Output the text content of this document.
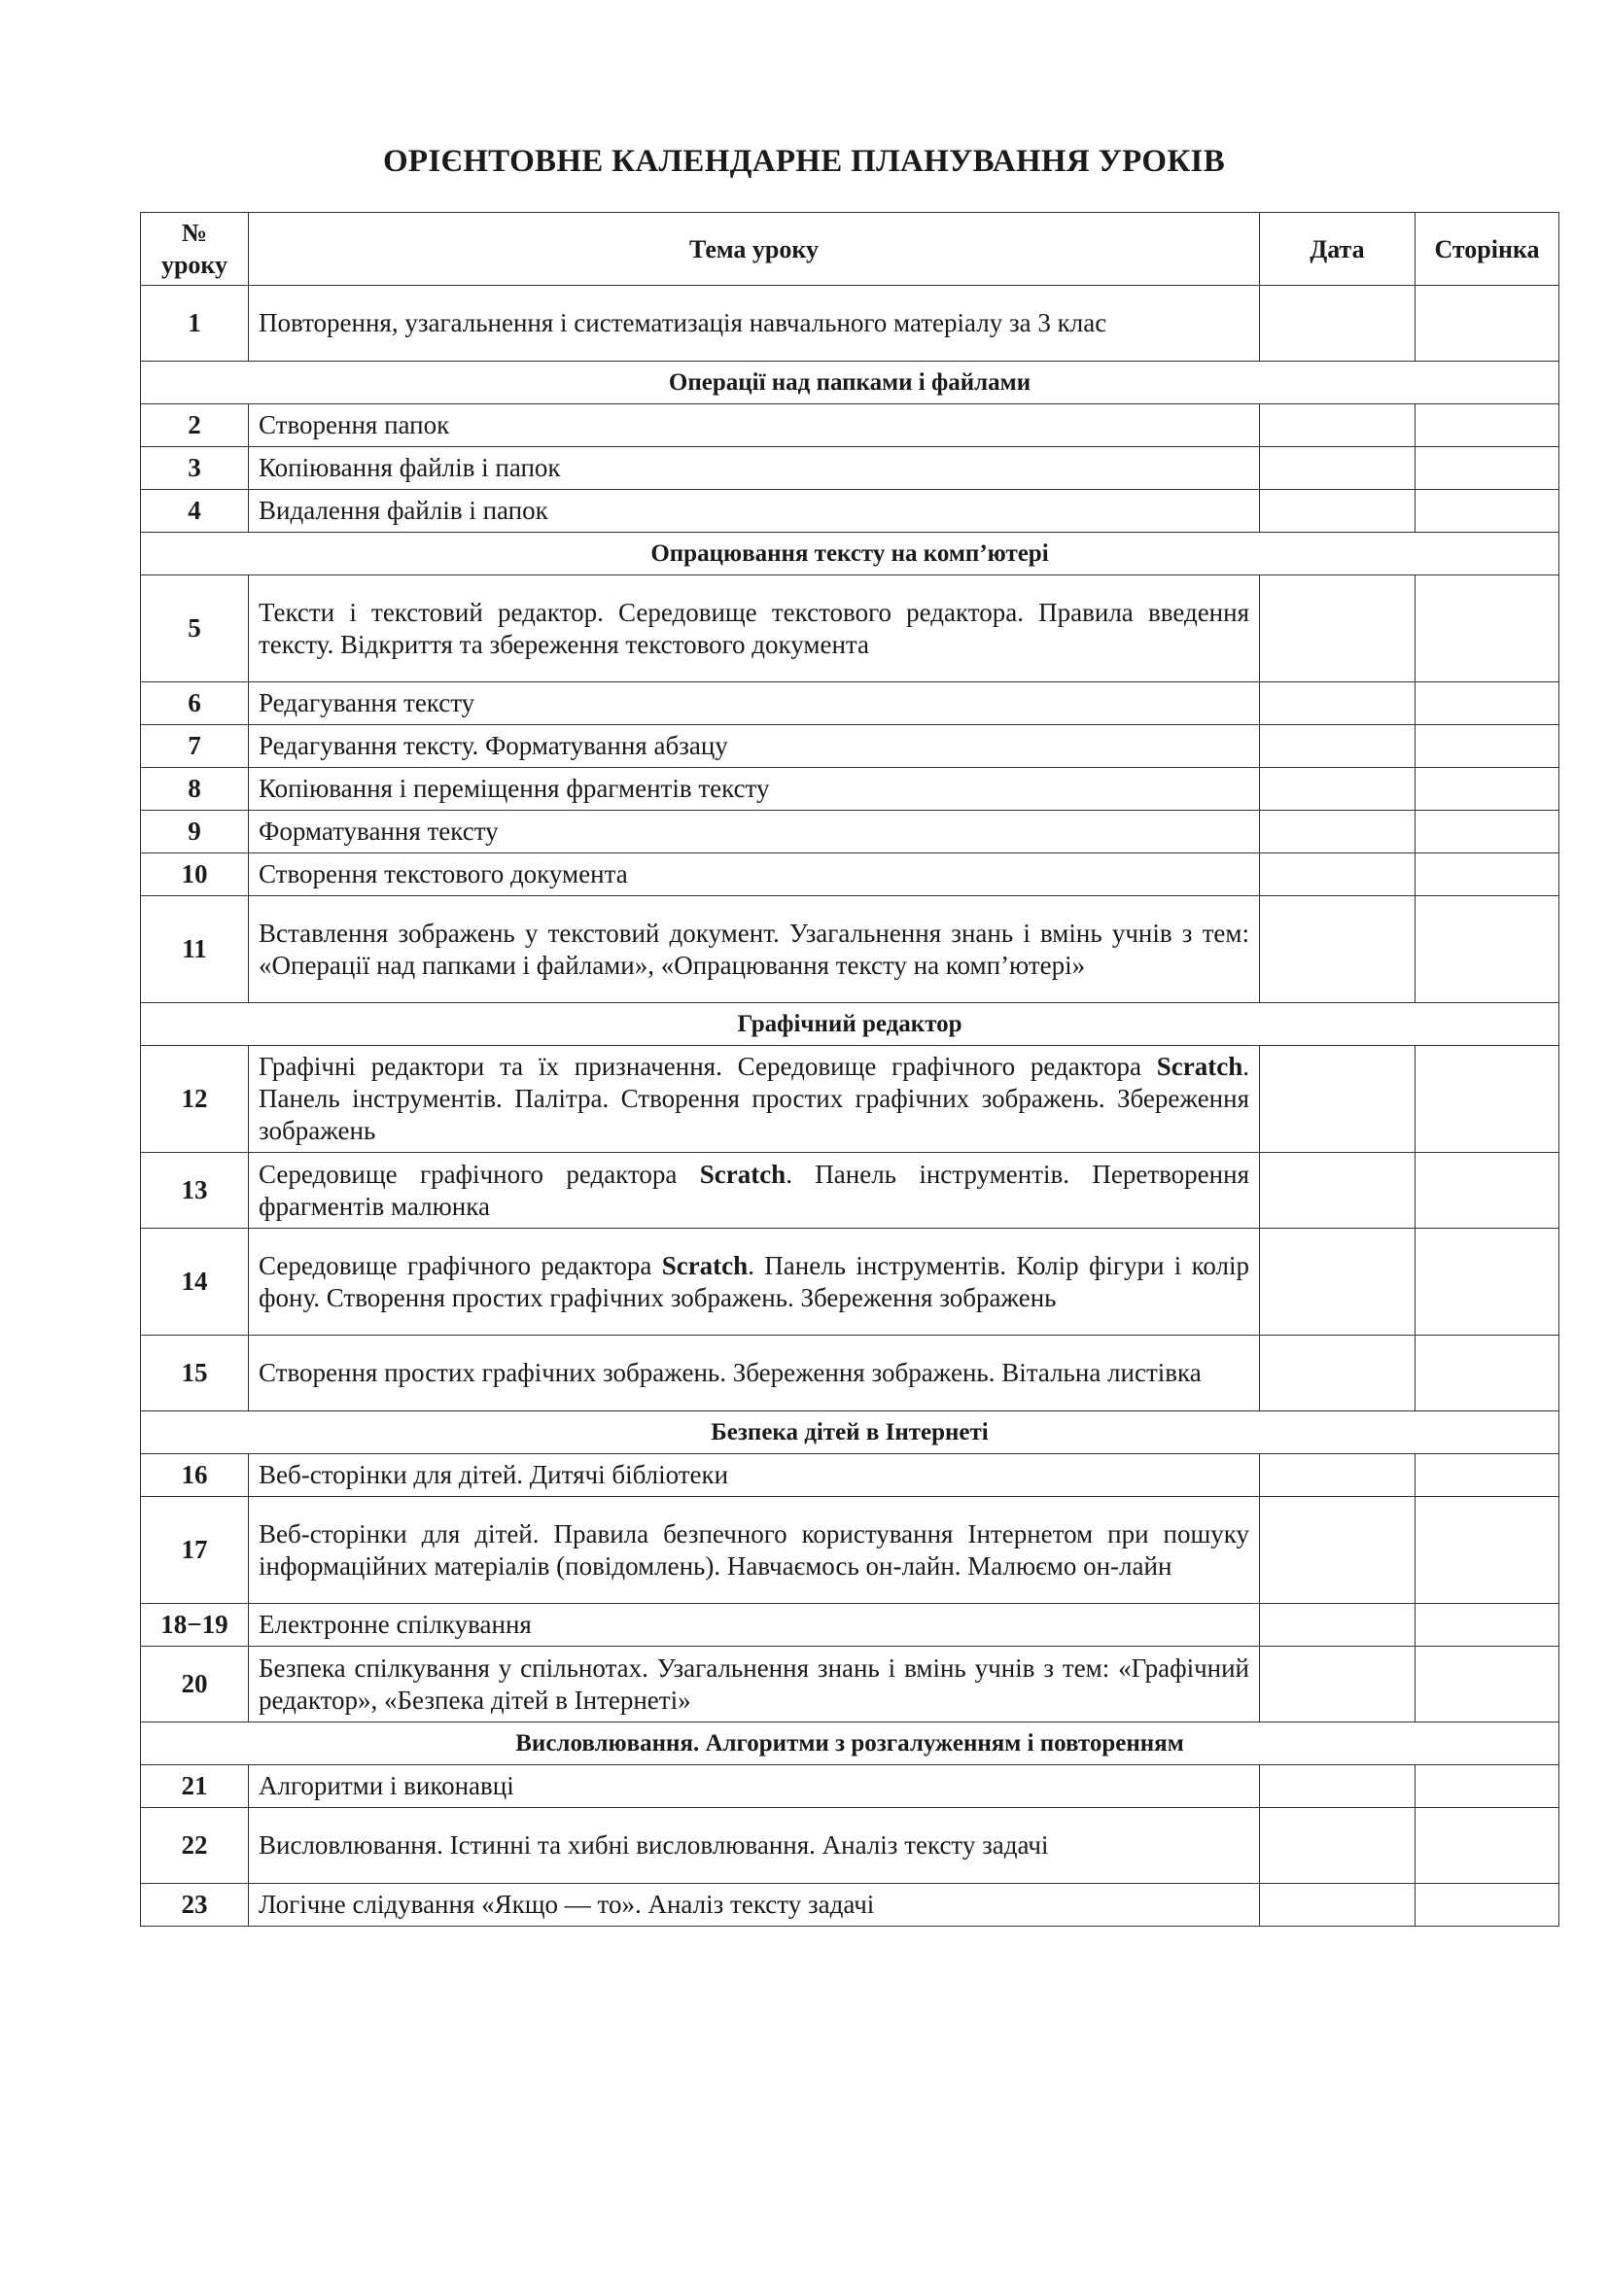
ОРІЄНТОВНЕ КАЛЕНДАРНЕ ПЛАНУВАННЯ УРОКІВ
№ уроку	Тема уроку	Дата	Сторінка
1	Повторення, узагальнення і систематизація навчального матеріалу за 3 клас		
Операції над папками і файлами			
2	Створення папок		
3	Копіювання файлів і папок		
4	Видалення файлів і папок		
Опрацювання тексту на комп’ютері			
5	Тексти і текстовий редактор. Середовище текстового редактора. Правила введення тексту. Відкриття та збереження текстового документа		
6	Редагування тексту		
7	Редагування тексту. Форматування абзацу		
8	Копіювання і переміщення фрагментів тексту		
9	Форматування тексту		
10	Створення текстового документа		
11	Вставлення зображень у текстовий документ. Узагальнення знань і вмінь учнів з тем: «Операції над папками і файлами», «Опрацювання тексту на комп’ютері»		
Графічний редактор			
12	Графічні редактори та їх призначення. Середовище графічного редактора Scratch. Панель інструментів. Палітра. Створення простих графічних зображень. Збереження зображень		
13	Середовище графічного редактора Scratch. Панель інструментів. Перетворення фрагментів малюнка		
14	Середовище графічного редактора Scratch. Панель інструментів. Колір фігури і колір фону. Створення простих графічних зображень. Збереження зображень		
15	Створення простих графічних зображень. Збереження зображень. Вітальна листівка		
Безпека дітей в Інтернеті			
16	Веб-сторінки для дітей. Дитячі бібліотеки		
17	Веб-сторінки для дітей. Правила безпечного користування Інтернетом при пошуку інформаційних матеріалів (повідомлень). Навчаємось он-лайн. Малюємо он-лайн		
18−19	Електронне спілкування		
20	Безпека спілкування у спільнотах. Узагальнення знань і вмінь учнів з тем: «Графічний редактор», «Безпека дітей в Інтернеті»		
Висловлювання. Алгоритми з розгалуженням і повторенням			
21	Алгоритми і виконавці		
22	Висловлювання. Істинні та хибні висловлювання. Аналіз тексту задачі		
23	Логічне слідування «Якщо — то». Аналіз тексту задачі		
